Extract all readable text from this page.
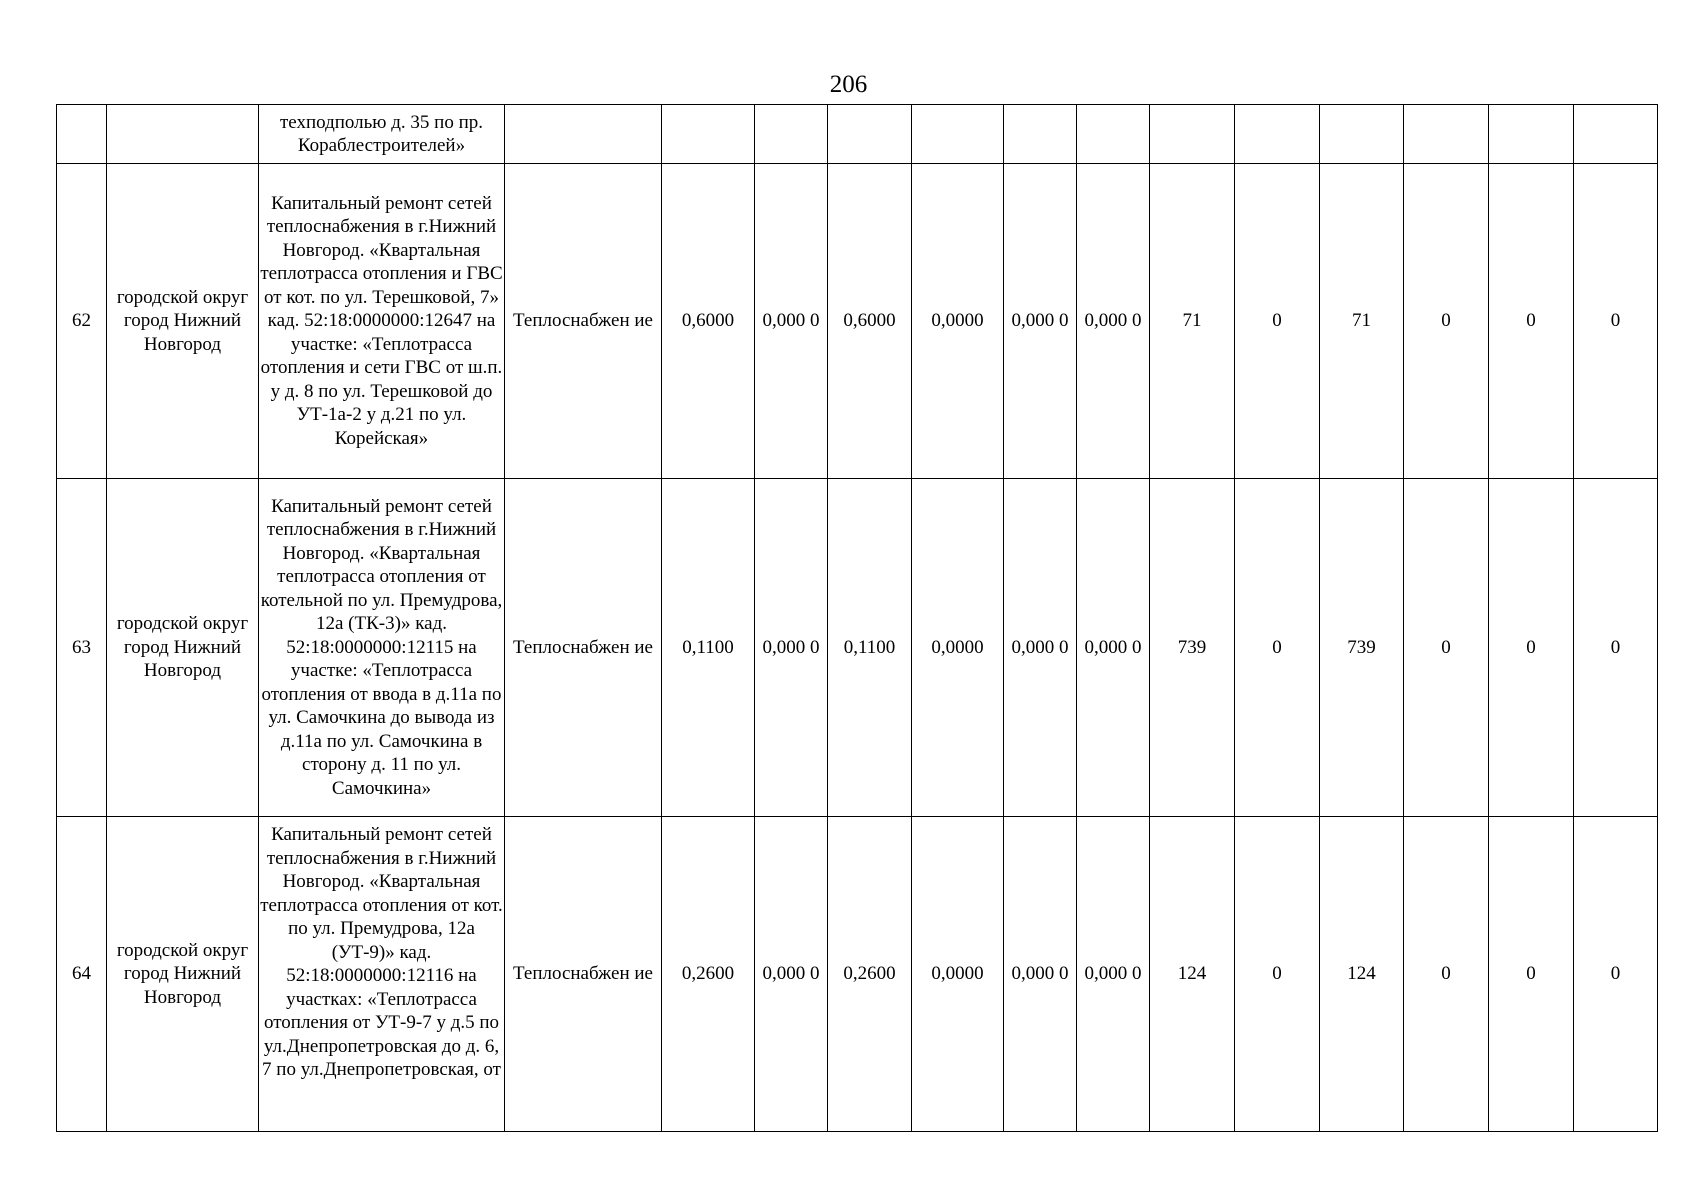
206
		техподполью д. 35 по пр. Кораблестроителей»													
62	городской округ город Нижний Новгород	Капитальный ремонт сетей теплоснабжения в г.Нижний Новгород. «Квартальная теплотрасса отопления и ГВС от кот. по ул. Терешковой, 7» кад. 52:18:0000000:12647 на участке: «Теплотрасса отопления и сети ГВС от ш.п. у д. 8 по ул. Терешковой до УТ-1а-2 у д.21 по ул. Корейская»	Теплоснабжен ие	0,6000	0,000 0	0,6000	0,0000	0,000 0	0,000 0	71	0	71	0	0	0
63	городской округ город Нижний Новгород	Капитальный ремонт сетей теплоснабжения в г.Нижний Новгород. «Квартальная теплотрасса отопления от котельной по ул. Премудрова, 12а (ТК-3)» кад. 52:18:0000000:12115 на участке: «Теплотрасса отопления от ввода в д.11а по ул. Самочкина до вывода из д.11а по ул. Самочкина в сторону д. 11 по ул. Самочкина»	Теплоснабжен ие	0,1100	0,000 0	0,1100	0,0000	0,000 0	0,000 0	739	0	739	0	0	0
64	городской округ город Нижний Новгород	Капитальный ремонт сетей теплоснабжения в г.Нижний Новгород. «Квартальная теплотрасса отопления от кот. по ул. Премудрова, 12а (УТ-9)» кад. 52:18:0000000:12116 на участках: «Теплотрасса отопления от УТ-9-7 у д.5 по ул.Днепропетровская до д. 6, 7 по ул.Днепропетровская, от	Теплоснабжен ие	0,2600	0,000 0	0,2600	0,0000	0,000 0	0,000 0	124	0	124	0	0	0
